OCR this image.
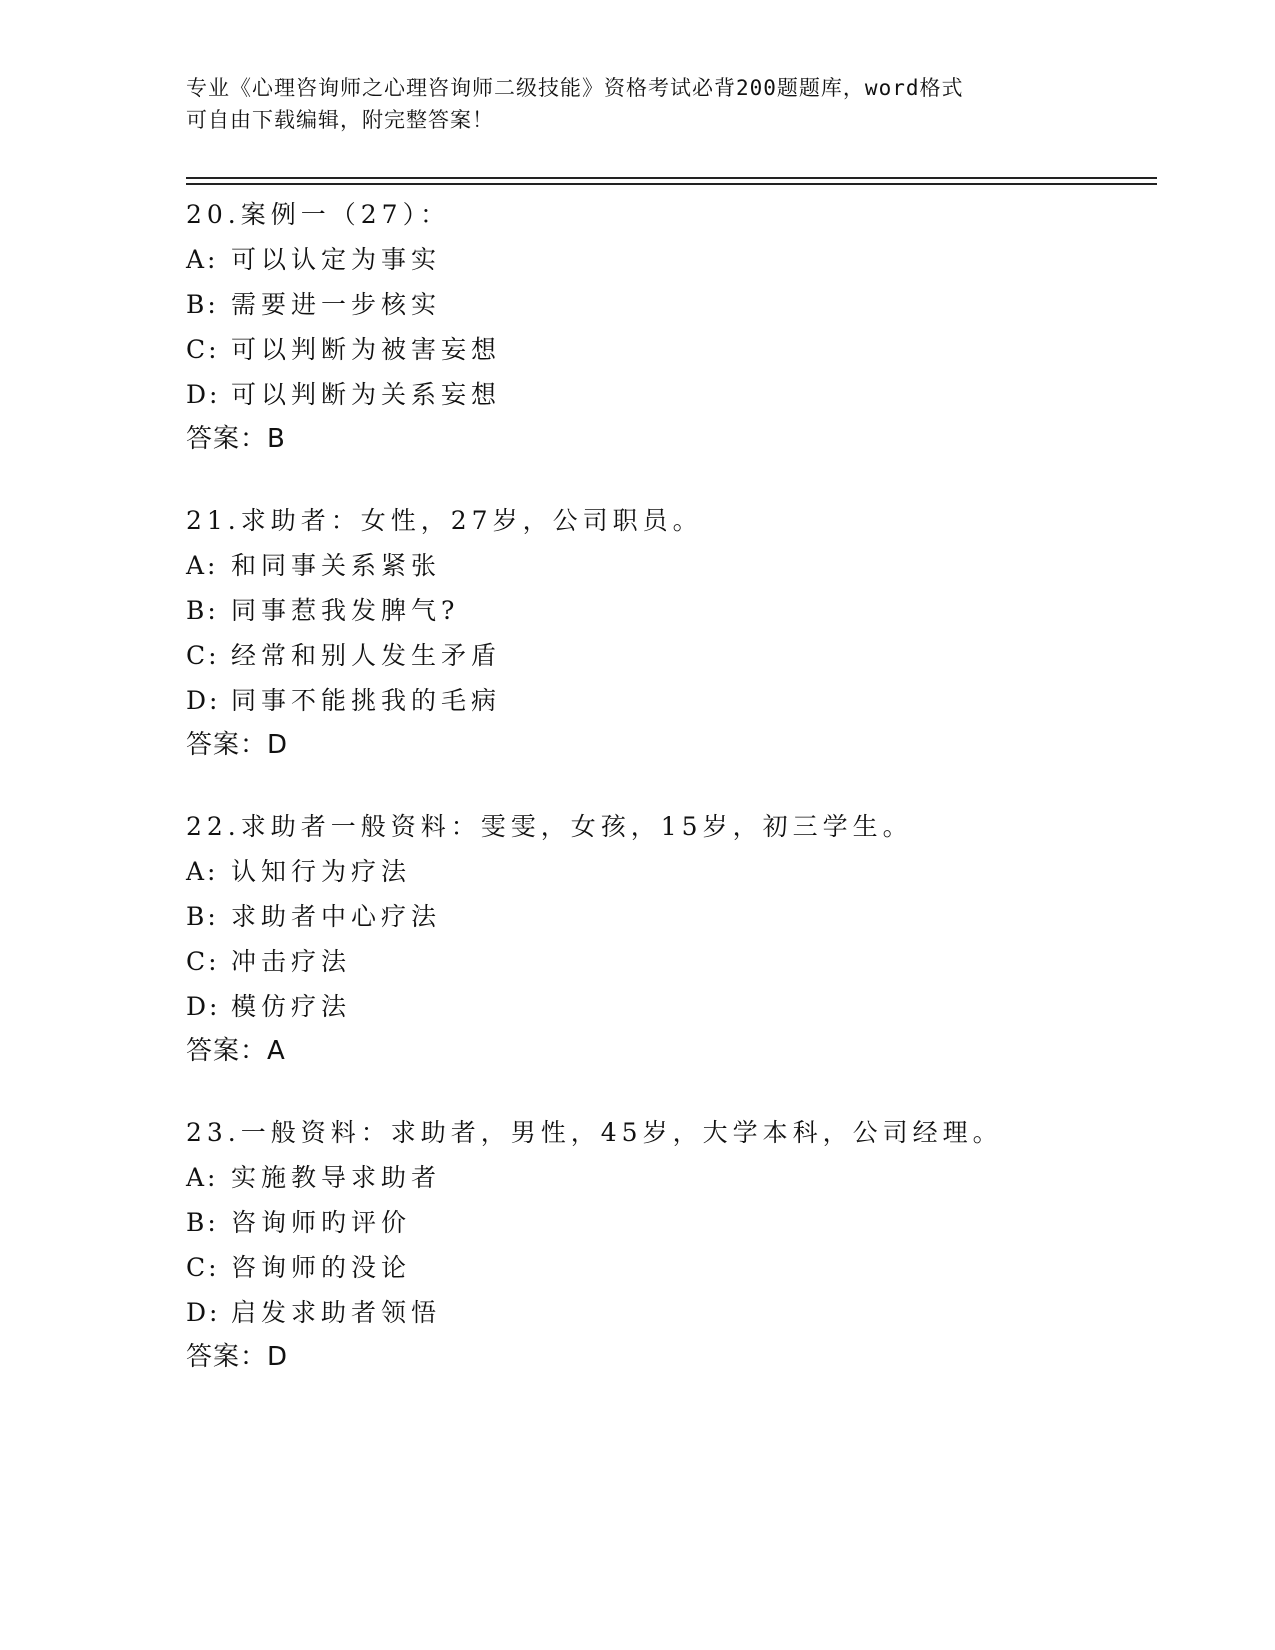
专业《心理咨询师之心理咨询师二级技能》资格考试必背200题题库，word格式
可自由下载编辑，附完整答案！
20.案例一（27）：
A: 可以认定为事实
B: 需要进一步核实
C: 可以判断为被害妄想
D: 可以判断为关系妄想
答案：B
21.求助者：女性，27岁，公司职员。
A: 和同事关系紧张
B: 同事惹我发脾气?
C: 经常和别人发生矛盾
D: 同事不能挑我的毛病
答案：D
22.求助者一般资料：雯雯，女孩，15岁，初三学生。
A: 认知行为疗法
B: 求助者中心疗法
C: 冲击疗法
D: 模仿疗法
答案：A
23.一般资料：求助者，男性，45岁，大学本科，公司经理。
A: 实施教导求助者
B: 咨询师旳评价
C: 咨询师的没论
D: 启发求助者领悟
答案：D
